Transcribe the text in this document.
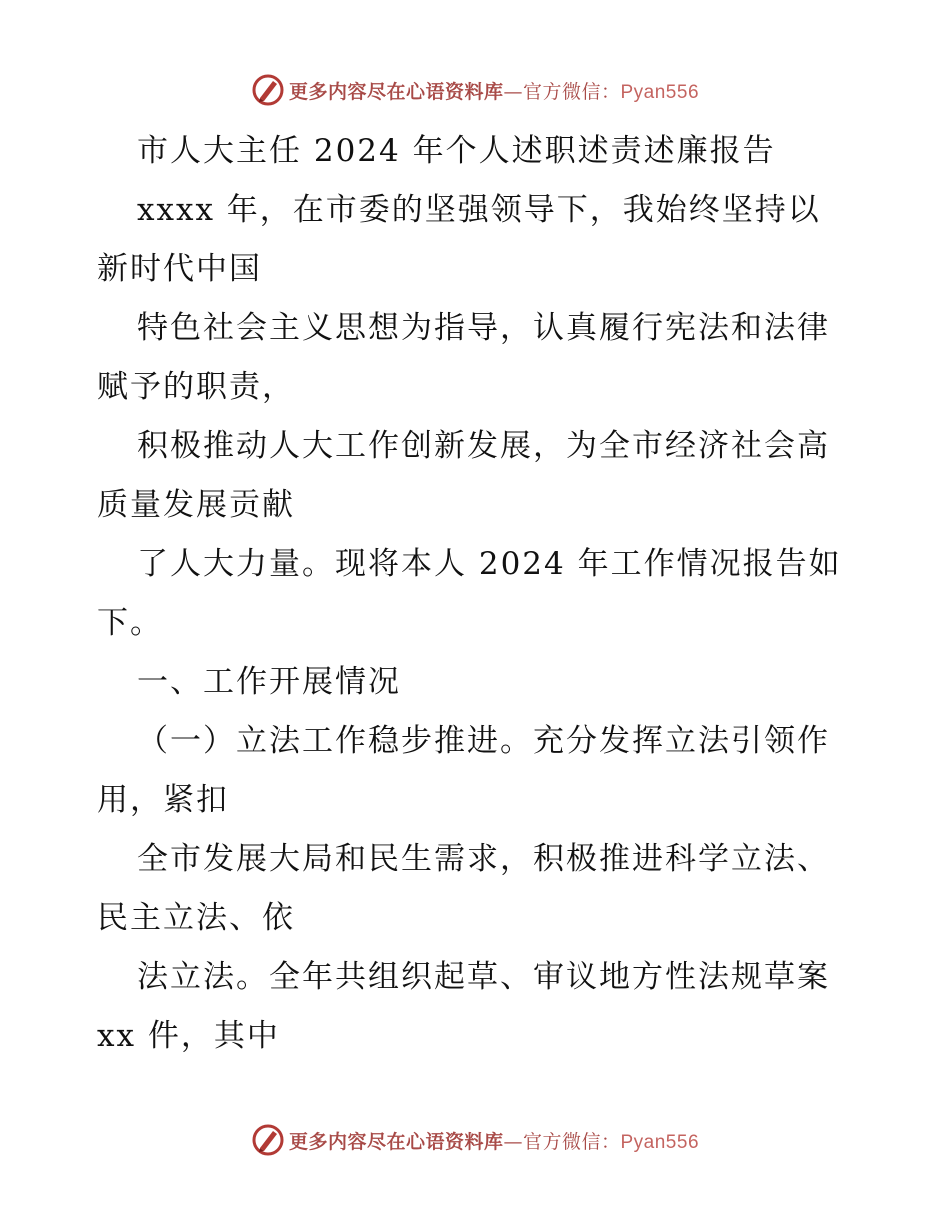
更多内容尽在心语资料库—官方微信：Pyan556
市人大主任 2024 年个人述职述责述廉报告
xxxx 年，在市委的坚强领导下，我始终坚持以
新时代中国
特色社会主义思想为指导，认真履行宪法和法律
赋予的职责，
积极推动人大工作创新发展，为全市经济社会高
质量发展贡献
了人大力量。现将本人 2024 年工作情况报告如
下。
一、工作开展情况
（一）立法工作稳步推进。充分发挥立法引领作
用，紧扣
全市发展大局和民生需求，积极推进科学立法、
民主立法、依
法立法。全年共组织起草、审议地方性法规草案
xx 件，其中
更多内容尽在心语资料库—官方微信：Pyan556
